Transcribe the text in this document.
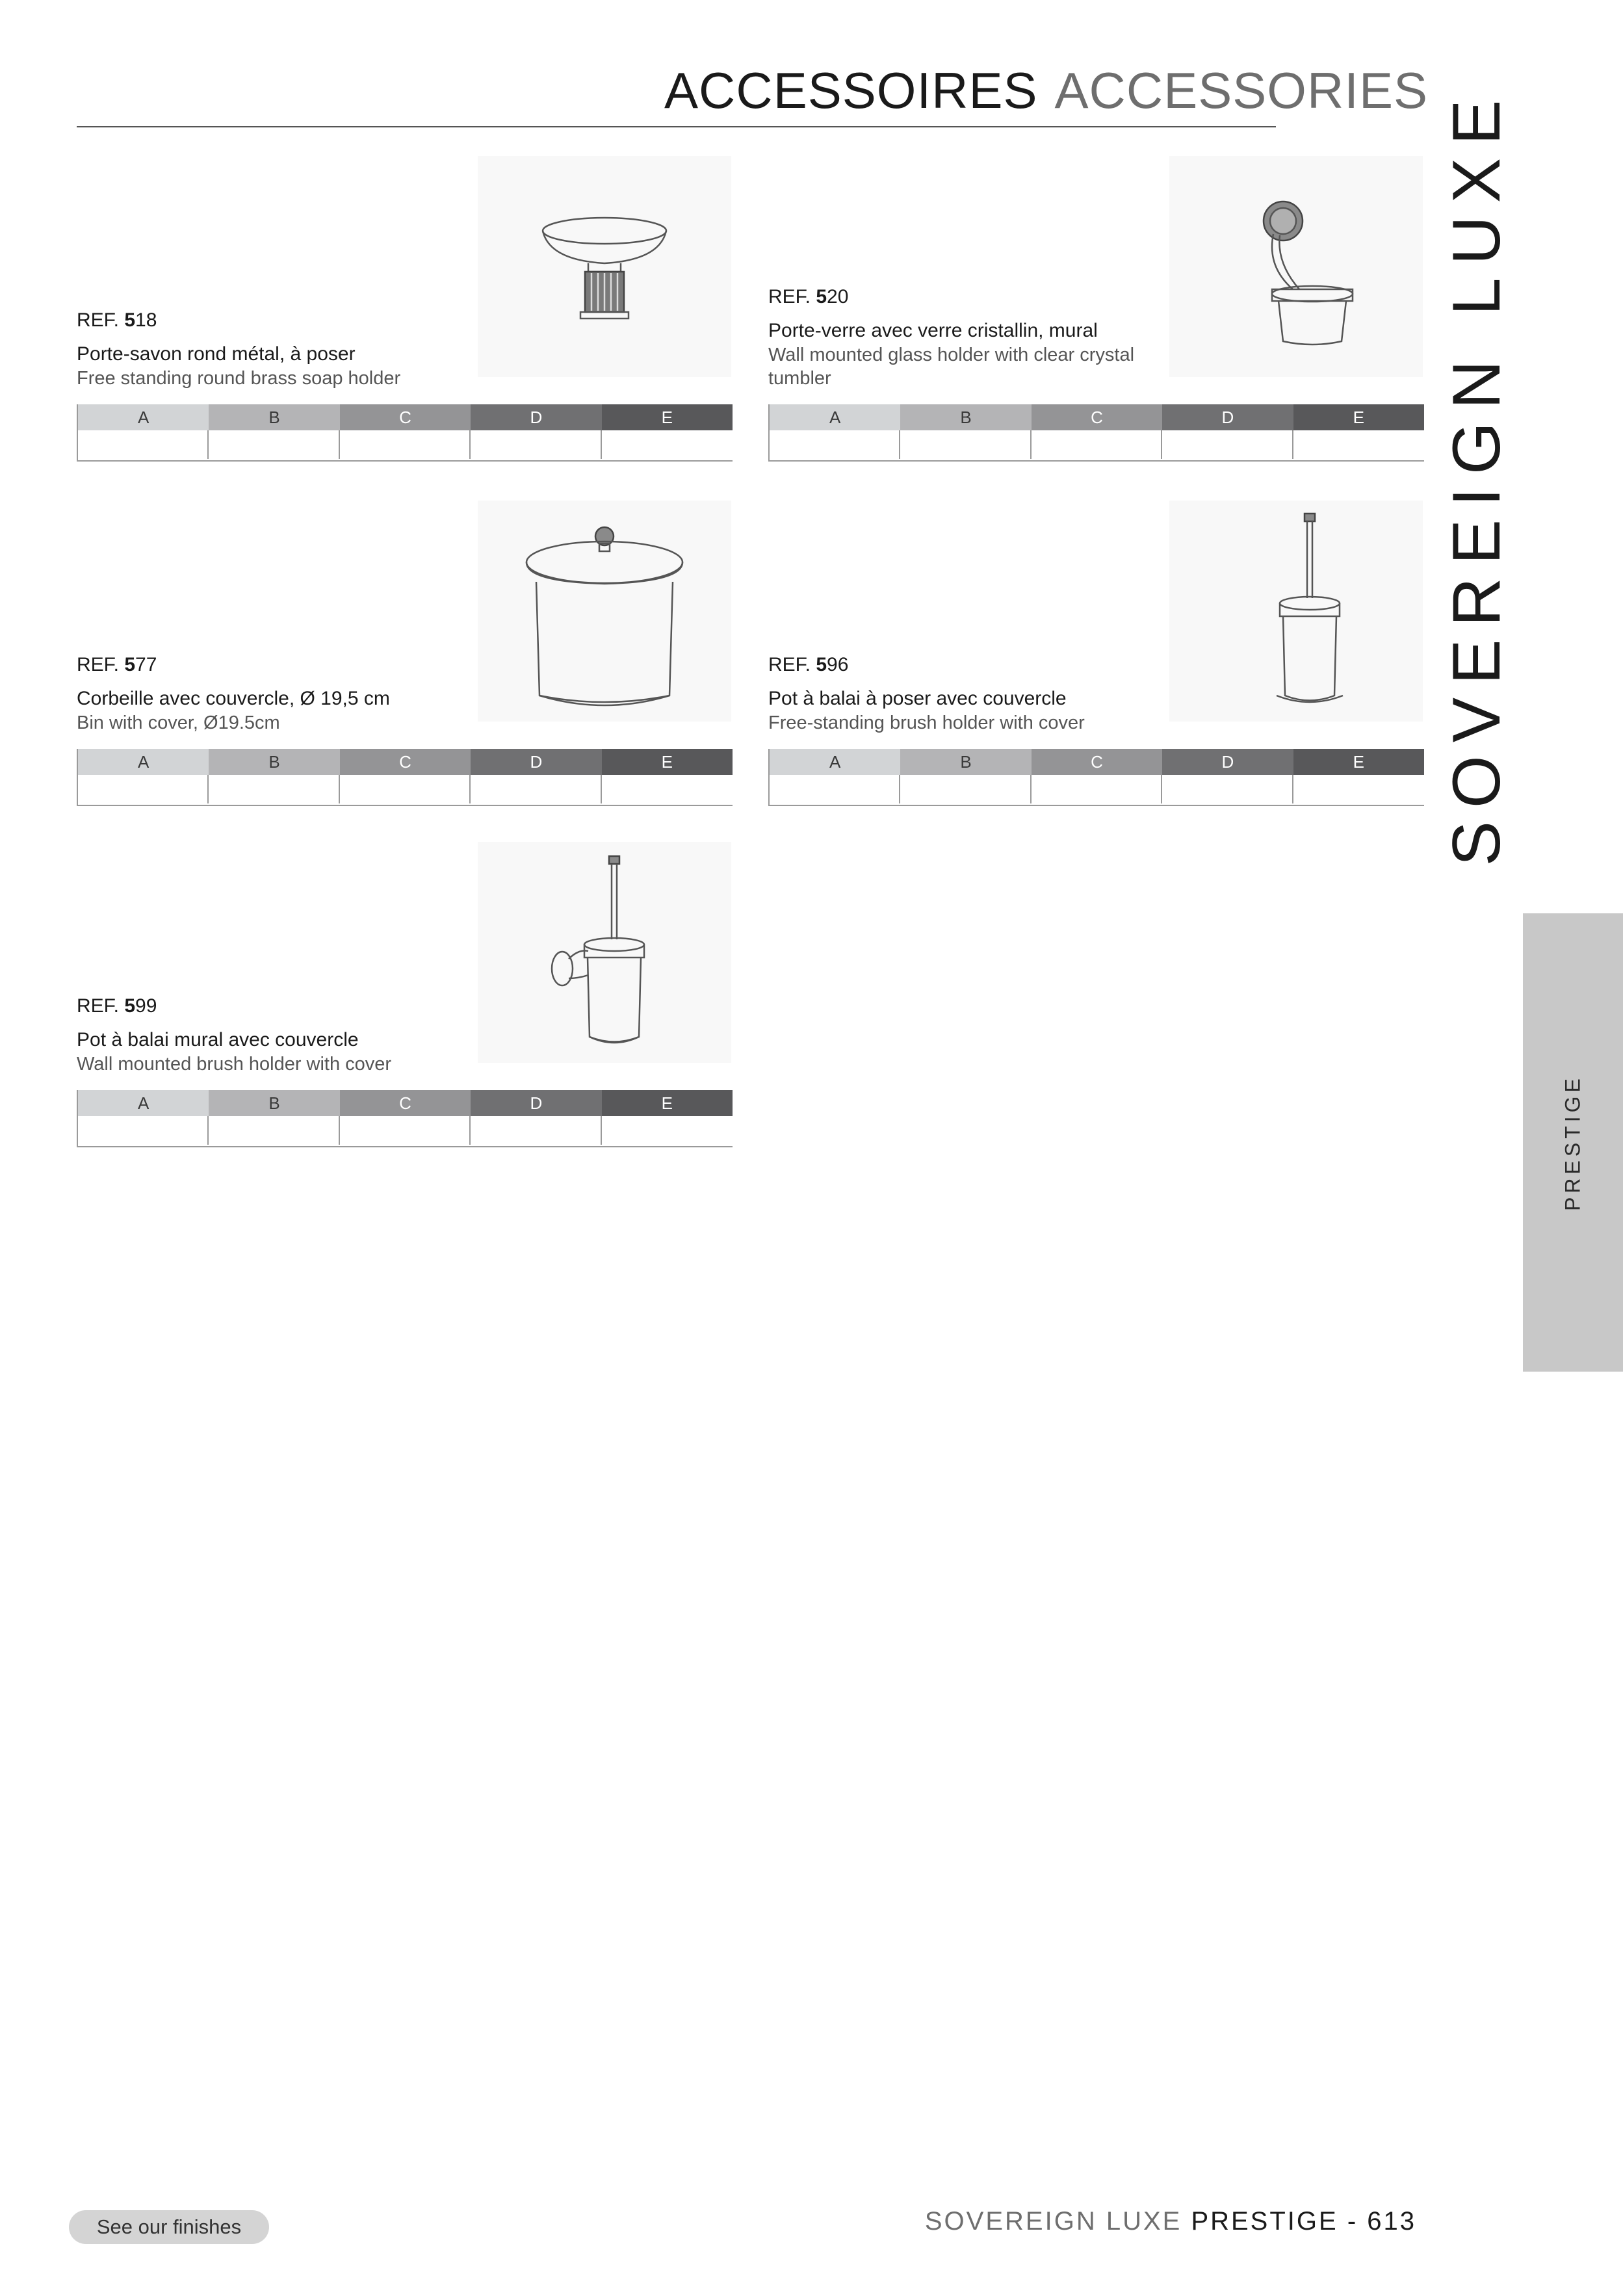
ACCESSOIRES ACCESSORIES SOVEREIGN LUXE
PRESTIGE
REF. 518
Porte-savon rond métal, à poser
Free standing round brass soap holder
A	B	C	D	E
REF. 520
Porte-verre avec verre cristallin, mural
Wall mounted glass holder with clear crystal tumbler
A	B	C	D	E
REF. 577
Corbeille avec couvercle, Ø 19,5 cm
Bin with cover, Ø19.5cm
A	B	C	D	E
REF. 596
Pot à balai à poser avec couvercle
Free-standing brush holder with cover
A	B	C	D	E
REF. 599
Pot à balai mural avec couvercle
Wall mounted brush holder with cover
A	B	C	D	E
See our finishes	SOVEREIGN LUXE PRESTIGE - 613
